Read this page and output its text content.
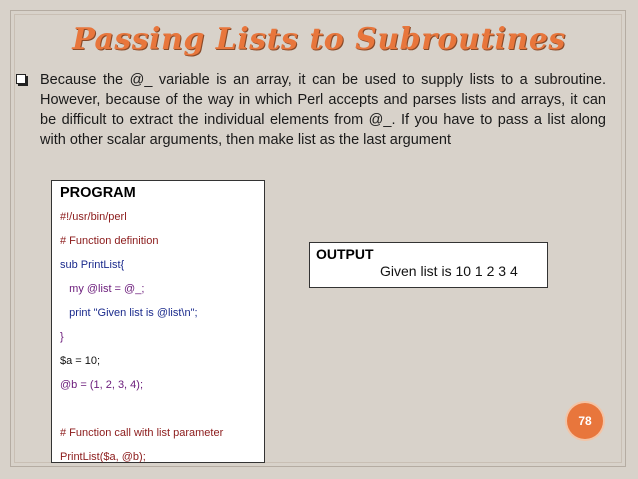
Passing Lists to Subroutines
Because the @_ variable is an array, it can be used to supply lists to a subroutine. However, because of the way in which Perl accepts and parses lists and arrays, it can be difficult to extract the individual elements from @_. If you have to pass a list along with other scalar arguments, then make list as the last argument
PROGRAM
#!/usr/bin/perl
# Function definition
sub PrintList{
my @list = @_;
print "Given list is @list\n";
}
$a = 10;
@b = (1, 2, 3, 4);
# Function call with list parameter
PrintList($a, @b);
OUTPUT
Given list is 10 1 2 3 4
78
